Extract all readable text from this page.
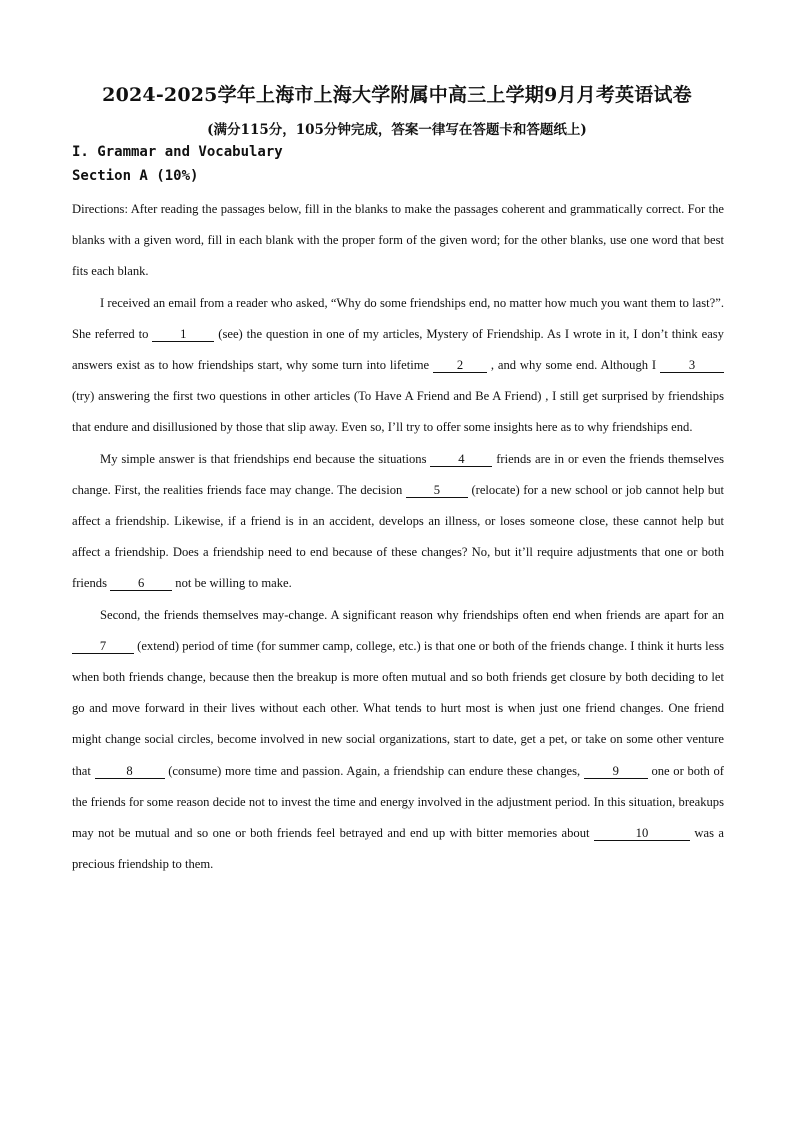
2024-2025学年上海市上海大学附属中高三上学期9月月考英语试卷
(满分115分，105分钟完成，答案一律写在答题卡和答题纸上)
I. Grammar and Vocabulary
Section A (10%)

Directions: After reading the passages below, fill in the blanks to make the passages coherent and grammatically correct. For the blanks with a given word, fill in each blank with the proper form of the given word; for the other blanks, use one word that best fits each blank.

I received an email from a reader who asked, “Why do some friendships end, no matter how much you want them to last?”. She referred to 1 (see) the question in one of my articles, Mystery of Friendship. As I wrote in it, I don’t think easy answers exist as to how friendships start, why some turn into lifetime 2 , and why some end. Although I 3 (try) answering the first two questions in other articles (To Have A Friend and Be A Friend) , I still get surprised by friendships that endure and disillusioned by those that slip away. Even so, I’ll try to offer some insights here as to why friendships end.

My simple answer is that friendships end because the situations 4 friends are in or even the friends themselves change. First, the realities friends face may change. The decision 5 (relocate) for a new school or job cannot help but affect a friendship. Likewise, if a friend is in an accident, develops an illness, or loses someone close, these cannot help but affect a friendship. Does a friendship need to end because of these changes? No, but it’ll require adjustments that one or both friends 6 not be willing to make.

Second, the friends themselves may-change. A significant reason why friendships often end when friends are apart for an 7 (extend) period of time (for summer camp, college, etc.) is that one or both of the friends change. I think it hurts less when both friends change, because then the breakup is more often mutual and so both friends get closure by both deciding to let go and move forward in their lives without each other. What tends to hurt most is when just one friend changes. One friend might change social circles, become involved in new social organizations, start to date, get a pet, or take on some other venture that	8	(consume) more time and passion. Again, a friendship can endure these changes, 9 one or both of the friends for some reason decide not to invest the time and energy involved in the adjustment period. In this situation, breakups may not be mutual and so one or both friends feel betrayed and end up with bitter memories about	10	was a precious friendship to them.
